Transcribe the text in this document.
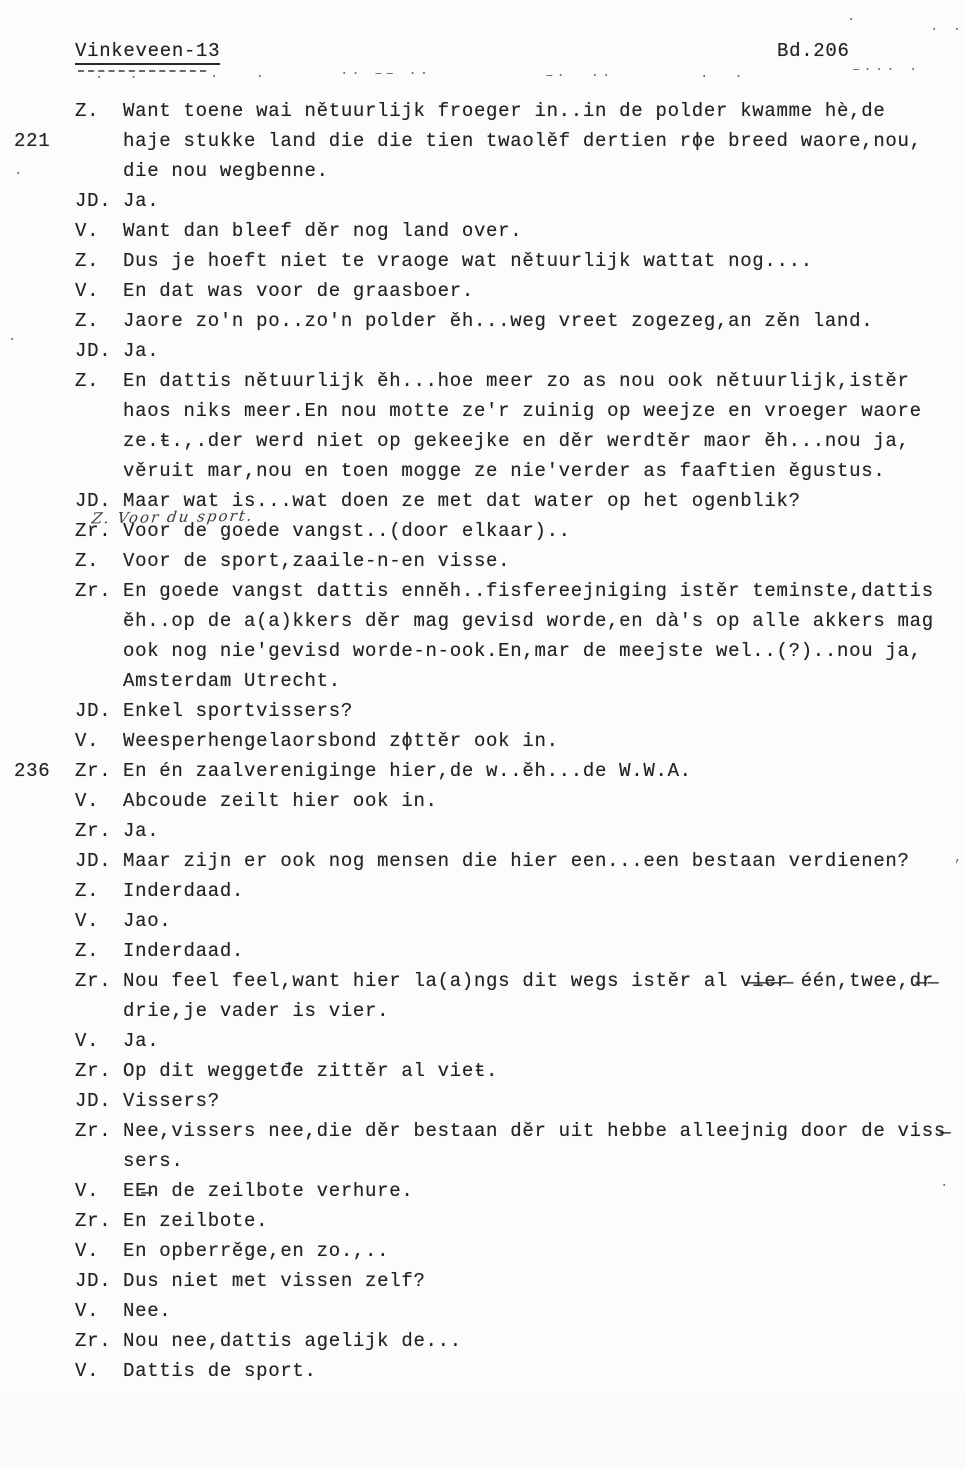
Vinkeveen-13	Bd.206

Z.

Want toene wai nětuurlijk froeger in..in de polder kwamme hè,de

221

	haje stukke land die die tien twaolěf dertien rɸe breed waore,nou,

die nou wegbenne.

JD.

Ja.

V.

Want dan bleef děr nog land over.

Z.

Dus je hoeft niet te vraoge wat nětuurlijk wattat nog....

V.

En dat was voor de graasboer.

Z.

Jaore zo'n po..zo'n polder ěh...weg vreet zogezeg,an zěn land.

JD.

Ja.

Z.

En dattis nětuurlijk ěh...hoe meer zo as nou ook nětuurlijk,istěr

haos niks meer.En nou motte ze'r zuinig op weejze en vroeger waore

ze.ŧ.,.der werd niet op gekeejke en děr werdtěr maor ěh...nou ja,

věruit mar,nou en toen mogge ze nie'verder as faaftien ěgustus.

JD.

Maar wat is...wat doen ze met dat water op het ogenblik?

Zr.

Voor de goede vangst..(door elkaar)..

Z.

Voor de sport,zaaile-n-en visse.

Zr.

En goede vangst dattis enněh..fisfereejniging istěr teminste,dattis

ěh..op de a(a)kkers děr mag gevisd worde,en dà's op alle akkers mag

ook nog nie'gevisd worde-n-ook.En,mar de meejste wel..(?)..nou ja,

Amsterdam Utrecht.

JD.

Enkel sportvissers?

V.

Weesperhengelaorsbond zɸttěr ook in.

236

Zr.

En én zaalvereniginge hier,de w..ěh...de W.W.A.

V.

Abcoude zeilt hier ook in.

Zr.

Ja.

JD.

Maar zijn er ook nog mensen die hier een...een bestaan verdienen?

Z.

Inderdaad.

V.

Jao.

Z.

Inderdaad.

Zr.

Nou feel feel,want hier la(a)ngs dit wegs istěr al v̶i̶e̶r̶ één,twee,d̶r̶

drie,je vader is vier.

V.

Ja.

Zr.

Op dit weggetđe zittěr al vieŧ.

JD.

Vissers?

Zr.

Nee,vissers nee,die děr bestaan děr uit hebbe alleejnig door de viss̶

sers.

V.

EE̶n de zeilbote verhure.

Zr.

En zeilbote.

V.

En opberrěge,en zo.,..

JD.

Dus niet met vissen zelf?

V.

Nee.

Zr.

Nou nee,dattis agelijk de...

V.

Dattis de sport.

Z. Voor du sport.
·  ·	·   ·	·· –– ··	–·  ··	·  ·	–··· ·
·
· ·
·
·
’
·
